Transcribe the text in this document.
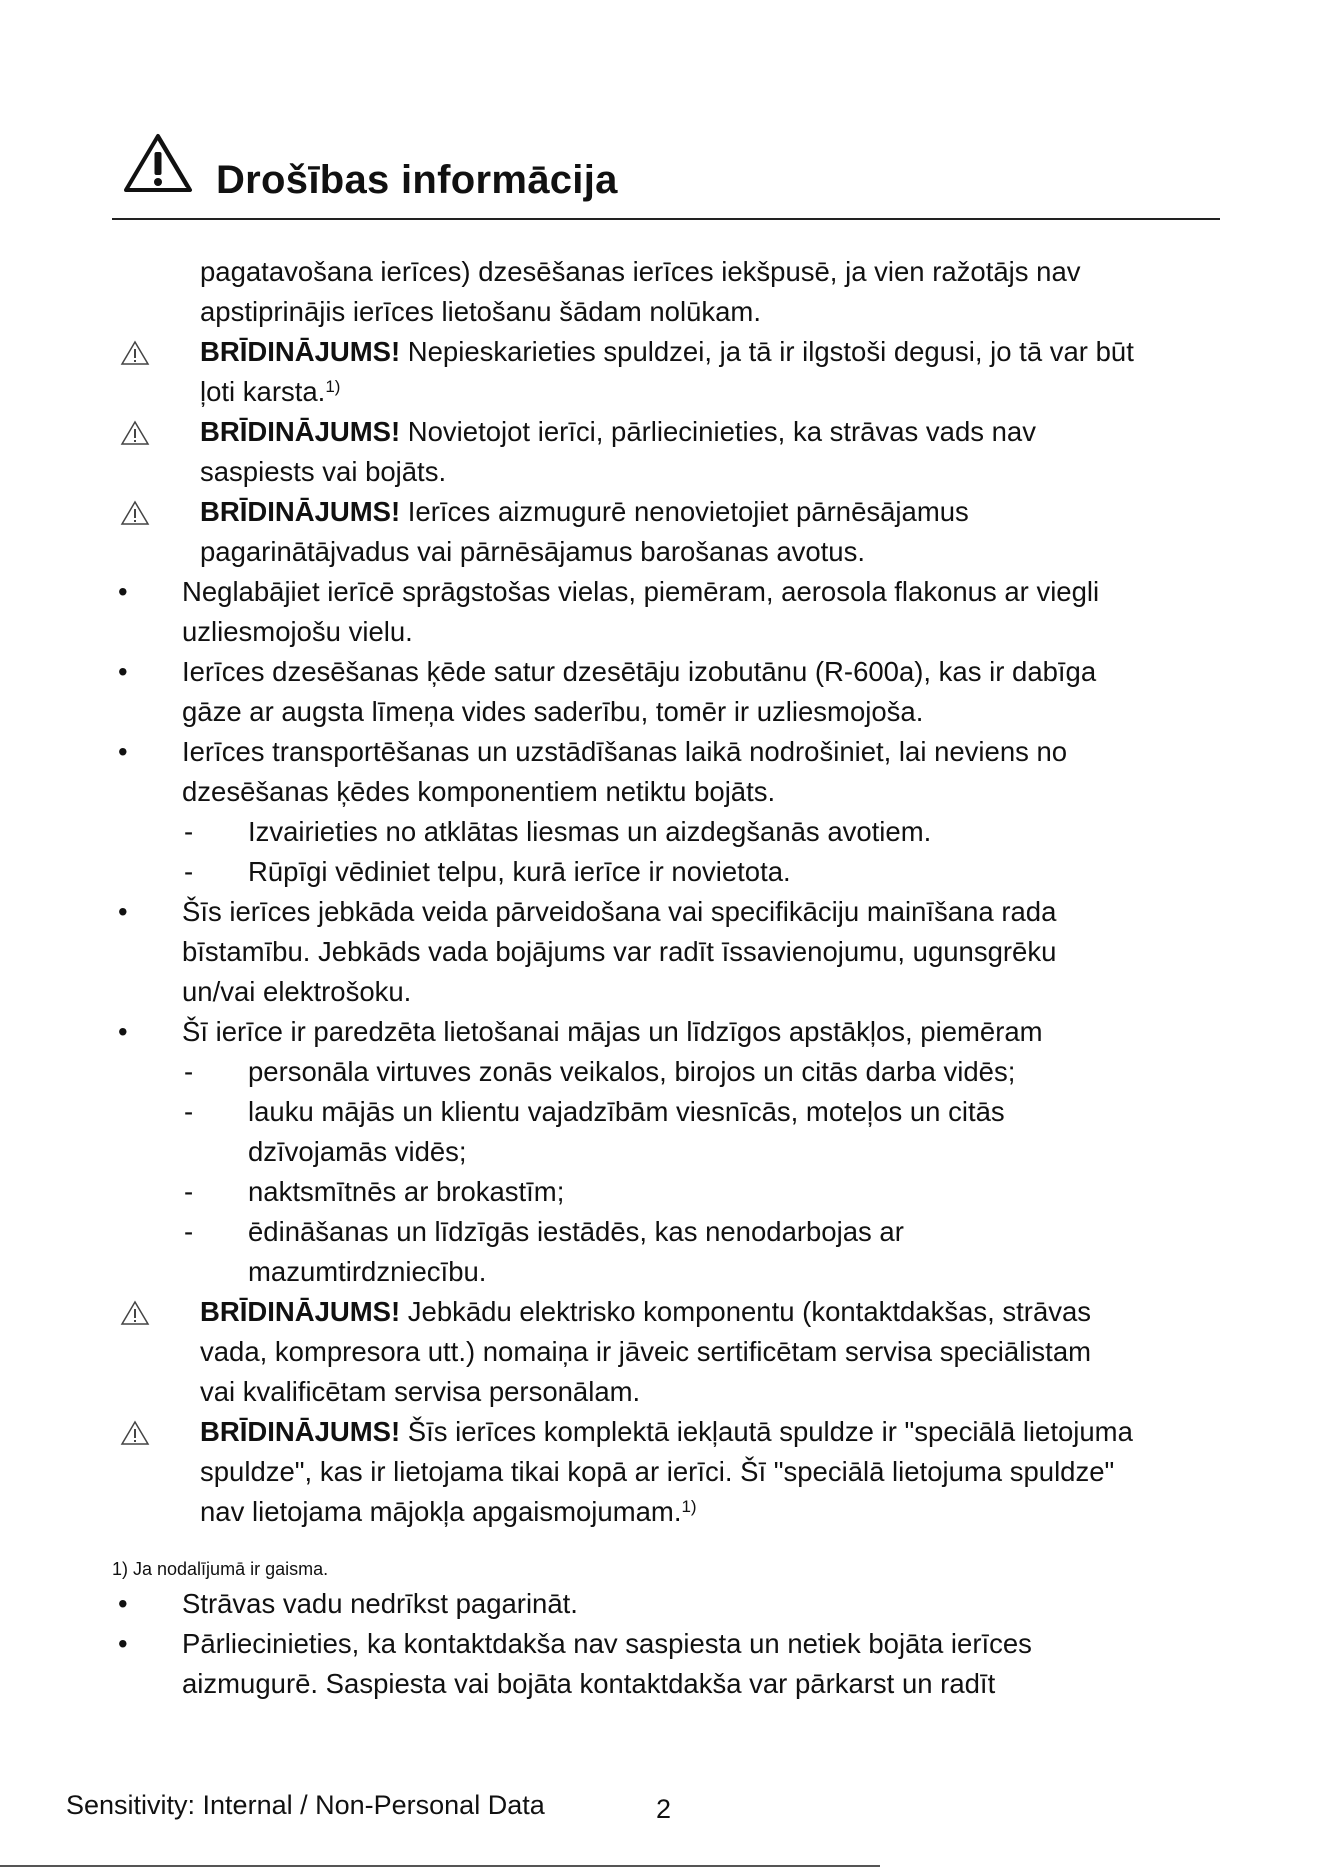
Drošības informācija
pagatavošana ierīces) dzesēšanas ierīces iekšpusē, ja vien ražotājs nav
apstiprinājis ierīces lietošanu šādam nolūkam.
BRĪDINĀJUMS! Nepieskarieties spuldzei, ja tā ir ilgstoši degusi, jo tā var būt
ļoti karsta.$^{1)}$
BRĪDINĀJUMS! Novietojot ierīci, pārliecinieties, ka strāvas vads nav
saspiests vai bojāts.
BRĪDINĀJUMS! Ierīces aizmugurē nenovietojiet pārnēsājamus
pagarinātājvadus vai pārnēsājamus barošanas avotus.
• Neglabājiet ierīcē sprāgstošas vielas, piemēram, aerosola flakonus ar viegli
uzliesmojošu vielu.
• Ierīces dzesēšanas ķēde satur dzesētāju izobutānu (R-600a), kas ir dabīga
gāze ar augsta līmeņa vides saderību, tomēr ir uzliesmojoša.
• Ierīces transportēšanas un uzstādīšanas laikā nodrošiniet, lai neviens no
dzesēšanas ķēdes komponentiem netiktu bojāts.
- Izvairieties no atklātas liesmas un aizdegšanās avotiem.
- Rūpīgi vēdiniet telpu, kurā ierīce ir novietota.
• Šīs ierīces jebkāda veida pārveidošana vai specifikāciju mainīšana rada
bīstamību. Jebkāds vada bojājums var radīt īssavienojumu, ugunsgrēku
un/vai elektrošoku.
• Šī ierīce ir paredzēta lietošanai mājas un līdzīgos apstākļos, piemēram
- personāla virtuves zonās veikalos, birojos un citās darba vidēs;
- lauku mājās un klientu vajadzībām viesnīcās, moteļos un citās
dzīvojamās vidēs;
- naktsmītnēs ar brokastīm;
- ēdināšanas un līdzīgās iestādēs, kas nenodarbojas ar
mazumtirdzniecību.
BRĪDINĀJUMS! Jebkādu elektrisko komponentu (kontaktdakšas, strāvas
vada, kompresora utt.) nomaiņa ir jāveic sertificētam servisa speciālistam
vai kvalificētam servisa personālam.
BRĪDINĀJUMS! Šīs ierīces komplektā iekļautā spuldze ir "speciālā lietojuma
spuldze", kas ir lietojama tikai kopā ar ierīci. Šī "speciālā lietojuma spuldze"
nav lietojama mājokļa apgaismojumam.$^{1)}$
1) Ja nodalījumā ir gaisma.
• Strāvas vadu nedrīkst pagarināt.
• Pārliecinieties, ka kontaktdakša nav saspiesta un netiek bojāta ierīces
aizmugurē. Saspiesta vai bojāta kontaktdakša var pārkarst un radīt
Sensitivity: Internal / Non-Personal Data	2
